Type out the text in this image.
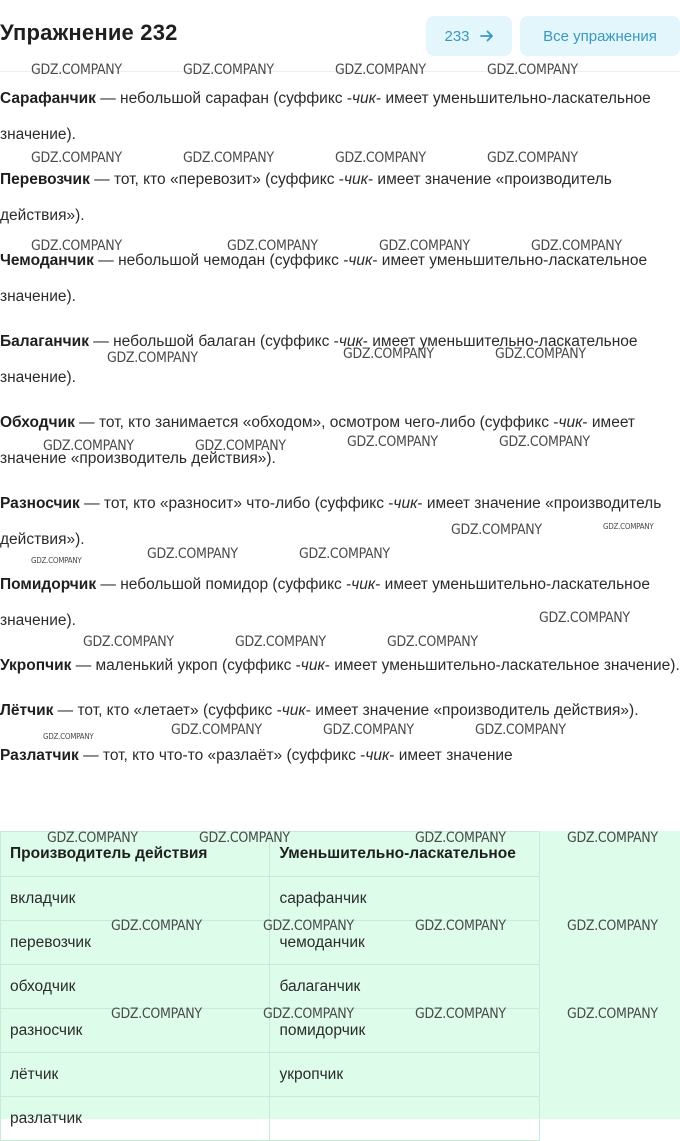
Упражнение 232	233	Все упражнения

Сарафанчик — небольшой сарафан (суффикс -чик- имеет уменьшительно-ласкательное значение).

Перевозчик — тот, кто «перевозит» (суффикс -чик- имеет значение «производитель действия»).

Чемоданчик — небольшой чемодан (суффикс -чик- имеет уменьшительно-ласкательное значение).

Балаганчик — небольшой балаган (суффикс -чик- имеет уменьшительно-ласкательное значение).

Обходчик — тот, кто занимается «обходом», осмотром чего-либо (суффикс -чик- имеет значение «производитель действия»).

Разносчик — тот, кто «разносит» что-либо (суффикс -чик- имеет значение «производитель действия»).

Помидорчик — небольшой помидор (суффикс -чик- имеет уменьшительно-ласкательное значение).

Укропчик — маленький укроп (суффикс -чик- имеет уменьшительно-ласкательное значение).

Лётчик — тот, кто «летает» (суффикс -чик- имеет значение «производитель действия»).

Разлатчик — тот, кто что-то «разлаёт» (суффикс -чик- имеет значение

Производитель действия	Уменьшительно-ласкательное
вкладчик	сарафанчик
перевозчик	чемоданчик
обходчик	балаганчик
разносчик	помидорчик
лётчик	укропчик
разлатчик	
GDZ.COMPANY	GDZ.COMPANY	GDZ.COMPANY	GDZ.COMPANY
GDZ.COMPANY	GDZ.COMPANY	GDZ.COMPANY	GDZ.COMPANY
GDZ.COMPANY	GDZ.COMPANY	GDZ.COMPANY	GDZ.COMPANY
GDZ.COMPANY	GDZ.COMPANY	GDZ.COMPANY
GDZ.COMPANY	GDZ.COMPANY	GDZ.COMPANY	GDZ.COMPANY
GDZ.COMPANY
GDZ.COMPANY	GDZ.COMPANY
GDZ.COMPANY
GDZ.COMPANY	GDZ.COMPANY	GDZ.COMPANY
GDZ.COMPANY	GDZ.COMPANY	GDZ.COMPANY
GDZ.COMPANY	GDZ.COMPANY	GDZ.COMPANY	GDZ.COMPANY
GDZ.COMPANY	GDZ.COMPANY	GDZ.COMPANY	GDZ.COMPANY
GDZ.COMPANY	GDZ.COMPANY	GDZ.COMPANY	GDZ.COMPANY
GDZ.COMPANY
GDZ.COMPANY
GDZ.COMPANY
